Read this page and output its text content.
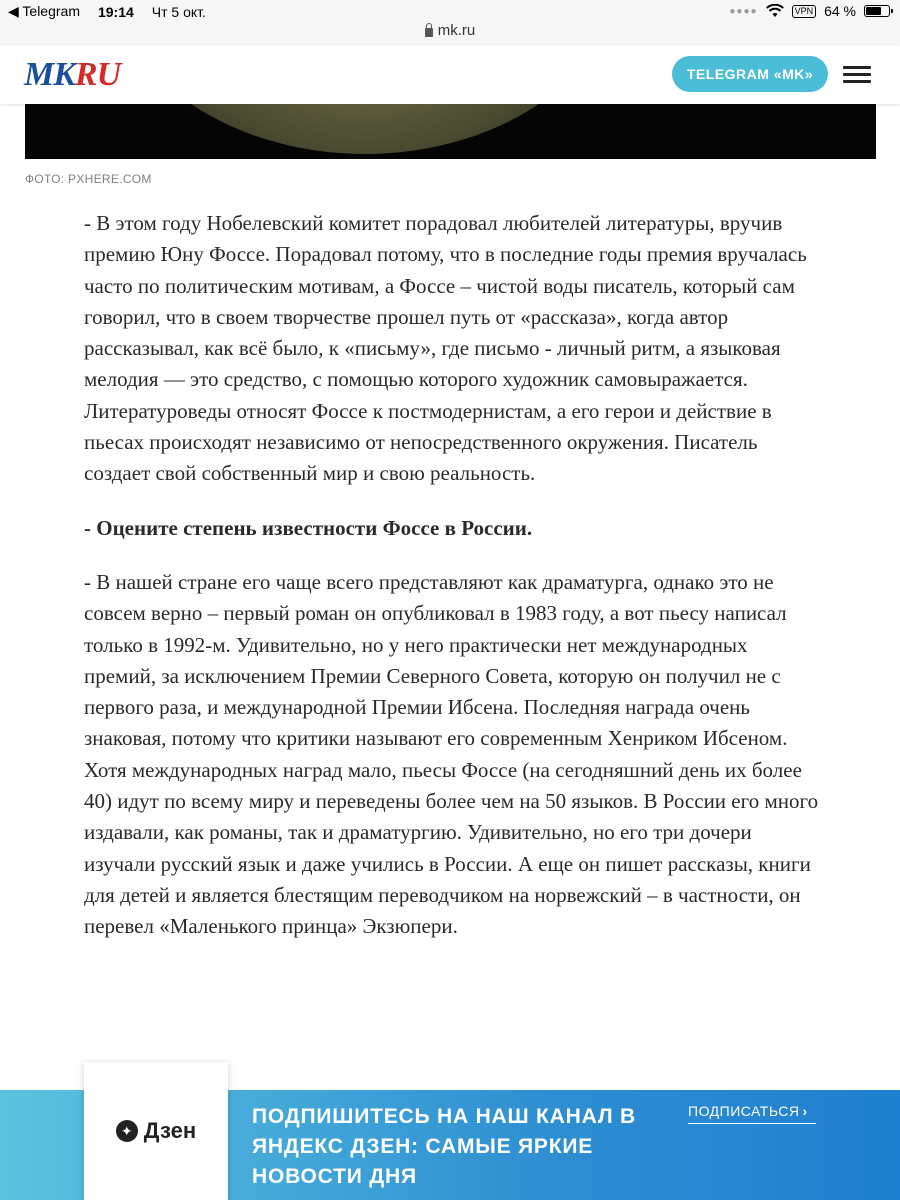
◀ Telegram 19:14 Чт 5 окт.	●●●●	VPN 64 %
mk.ru
MKRU	TELEGRAM «MK»
ФОТО: PXHERE.COM

- В этом году Нобелевский комитет порадовал любителей литературы, вручив премию Юну Фоссе. Порадовал потому, что в последние годы премия вручалась часто по политическим мотивам, а Фоссе – чистой воды писатель, который сам говорил, что в своем творчестве прошел путь от «рассказа», когда автор рассказывал, как всё было, к «письму», где письмо - личный ритм, а языковая мелодия — это средство, с помощью которого художник самовыражается. Литературоведы относят Фоссе к постмодернистам, а его герои и действие в пьесах происходят независимо от непосредственного окружения. Писатель создает свой собственный мир и свою реальность.

- Оцените степень известности Фоссе в России.

- В нашей стране его чаще всего представляют как драматурга, однако это не совсем верно – первый роман он опубликовал в 1983 году, а вот пьесу написал только в 1992-м. Удивительно, но у него практически нет международных премий, за исключением Премии Северного Совета, которую он получил не с первого раза, и международной Премии Ибсена. Последняя награда очень знаковая, потому что критики называют его современным Хенриком Ибсеном. Хотя международных наград мало, пьесы Фоссе (на сегодняшний день их более 40) идут по всему миру и переведены более чем на 50 языков. В России его много издавали, как романы, так и драматургию. Удивительно, но его три дочери изучали русский язык и даже учились в России. А еще он пишет рассказы, книги для детей и является блестящим переводчиком на норвежский – в частности, он перевел «Маленького принца» Экзюпери.

✦
Дзен
ПОДПИШИТЕСЬ НА НАШ КАНАЛ В ЯНДЕКС ДЗЕН: САМЫЕ ЯРКИЕ НОВОСТИ ДНЯ
ПОДПИСАТЬСЯ ›
